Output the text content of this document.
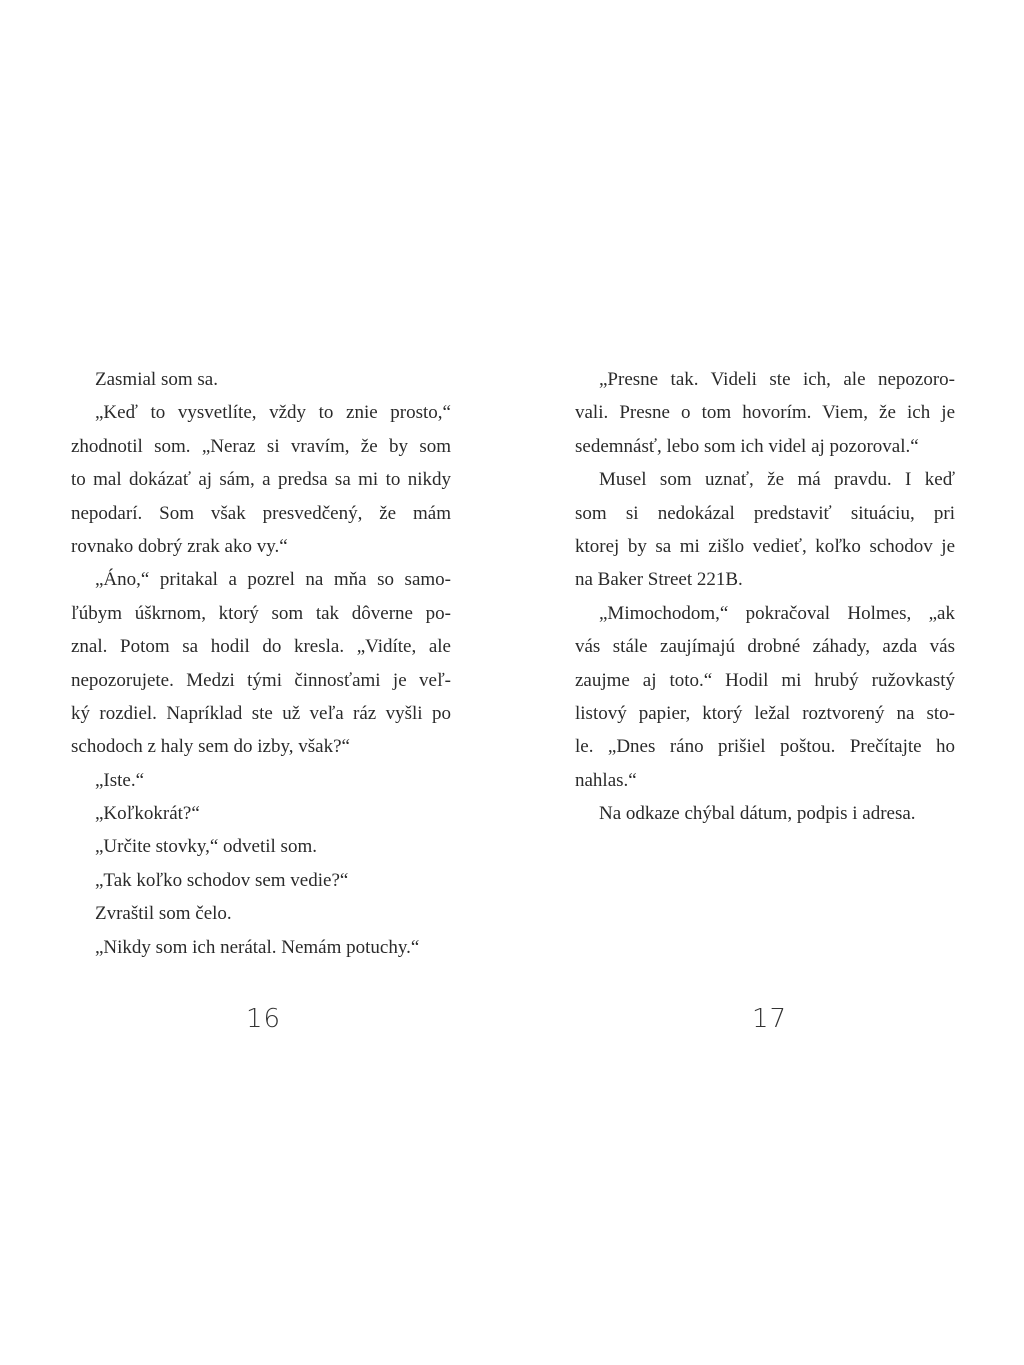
Zasmial som sa.
„Keď to vysvetlíte, vždy to znie prosto,“
zhodnotil som. „Neraz si vravím, že by som
to mal dokázať aj sám, a predsa sa mi to nikdy
nepodarí. Som však presvedčený, že mám
rovnako dobrý zrak ako vy.“
„Áno,“ pritakal a pozrel na mňa so samo-
ľúbym úškrnom, ktorý som tak dôverne po-
znal. Potom sa hodil do kresla. „Vidíte, ale
nepozorujete. Medzi tými činnosťami je veľ-
ký rozdiel. Napríklad ste už veľa ráz vyšli po
schodoch z haly sem do izby, však?“
„Iste.“
„Koľkokrát?“
„Určite stovky,“ odvetil som.
„Tak koľko schodov sem vedie?“
Zvraštil som čelo.
„Nikdy som ich nerátal. Nemám potuchy.“
16
„Presne tak. Videli ste ich, ale nepozoro-
vali. Presne o tom hovorím. Viem, že ich je
sedemnásť, lebo som ich videl aj pozoroval.“
Musel som uznať, že má pravdu. I keď
som si nedokázal predstaviť situáciu, pri
ktorej by sa mi zišlo vedieť, koľko schodov je
na Baker Street 221B.
„Mimochodom,“ pokračoval Holmes, „ak
vás stále zaujímajú drobné záhady, azda vás
zaujme aj toto.“ Hodil mi hrubý ružovkastý
listový papier, ktorý ležal roztvorený na sto-
le. „Dnes ráno prišiel poštou. Prečítajte ho
nahlas.“
Na odkaze chýbal dátum, podpis i adresa.
17
